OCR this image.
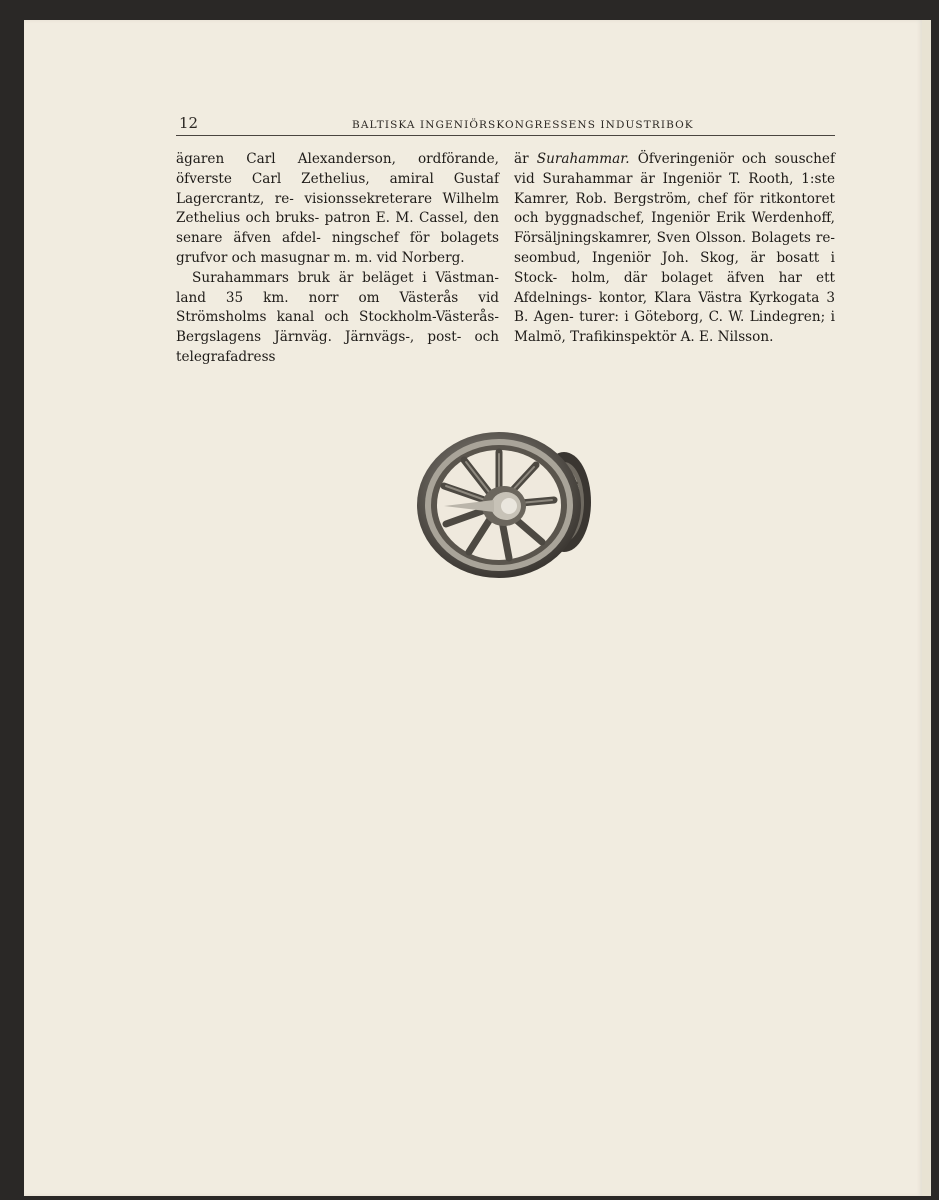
12	BALTISKA INGENIÖRSKONGRESSENS INDUSTRIBOK

ägaren Carl Alexanderson, ordförande, öfverste Carl Zethelius, amiral Gustaf Lagercrantz, re- visionssekreterare Wilhelm Zethelius och bruks- patron E. M. Cassel, den senare äfven afdel- ningschef för bolagets grufvor och masugnar m. m. vid Norberg.

Surahammars bruk är beläget i Västman- land 35 km. norr om Västerås vid Strömsholms kanal och Stockholm-Västerås-Bergslagens Järnväg. Järnvägs-, post- och telegrafadress

är Surahammar. Öfveringeniör och souschef vid Surahammar är Ingeniör T. Rooth, 1:ste Kamrer, Rob. Bergström, chef för ritkontoret och byggnadschef, Ingeniör Erik Werdenhoff, Försäljningskamrer, Sven Olsson. Bolagets re- seombud, Ingeniör Joh. Skog, är bosatt i Stock- holm, där bolaget äfven har ett Afdelnings- kontor, Klara Västra Kyrkogata 3 B. Agen- turer: i Göteborg, C. W. Lindegren; i Malmö, Trafikinspektör A. E. Nilsson.
